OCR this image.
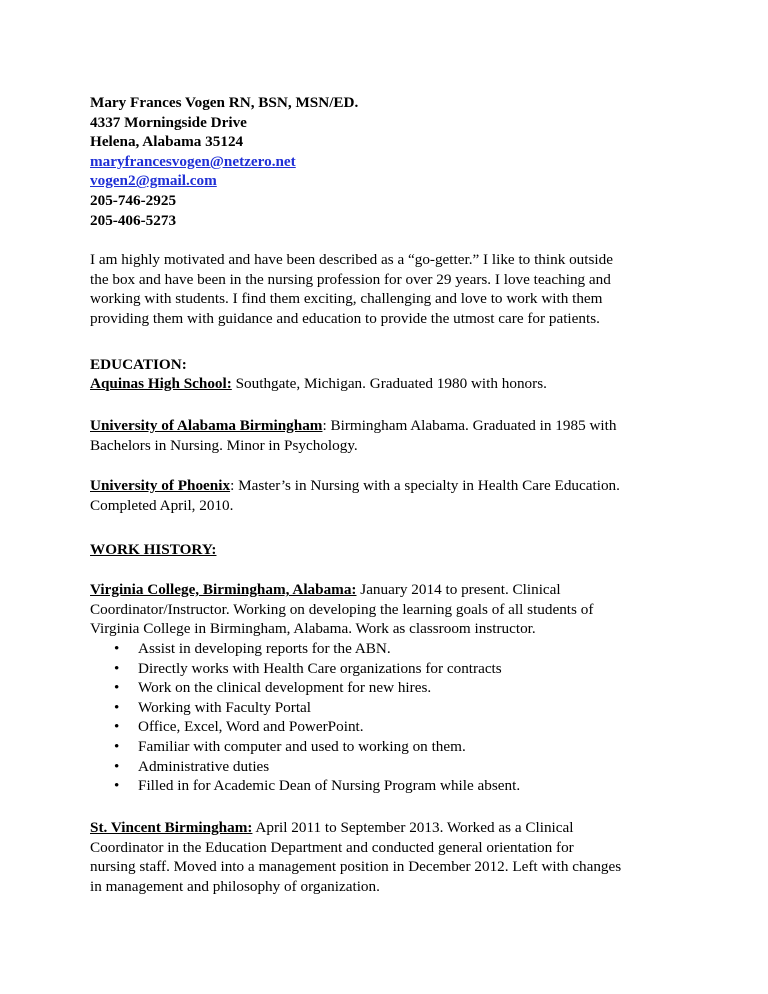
Mary Frances Vogen RN, BSN, MSN/ED.
4337 Morningside Drive
Helena, Alabama 35124
maryfrancesvogen@netzero.net
vogen2@gmail.com
205-746-2925
205-406-5273

I am highly motivated and have been described as a “go-getter.” I like to think outside

the box and have been in the nursing profession for over 29 years. I love teaching and

working with students. I find them exciting, challenging and love to work with them

providing them with guidance and education to provide the utmost care for patients.

EDUCATION:
Aquinas High School: Southgate, Michigan. Graduated 1980 with honors.

University of Alabama Birmingham: Birmingham Alabama. Graduated in 1985 with

Bachelors in Nursing. Minor in Psychology.

University of Phoenix: Master’s in Nursing with a specialty in Health Care Education.

Completed April, 2010.

WORK HISTORY:

Virginia College, Birmingham, Alabama: January 2014 to present. Clinical

Coordinator/Instructor. Working on developing the learning goals of all students of

Virginia College in Birmingham, Alabama. Work as classroom instructor.

• Assist in developing reports for the ABN.
• Directly works with Health Care organizations for contracts
• Work on the clinical development for new hires.
• Working with Faculty Portal
• Office, Excel, Word and PowerPoint.
• Familiar with computer and used to working on them.
• Administrative duties
• Filled in for Academic Dean of Nursing Program while absent.

St. Vincent Birmingham: April 2011 to September 2013. Worked as a Clinical

Coordinator in the Education Department and conducted general orientation for

nursing staff. Moved into a management position in December 2012. Left with changes

in management and philosophy of organization.
